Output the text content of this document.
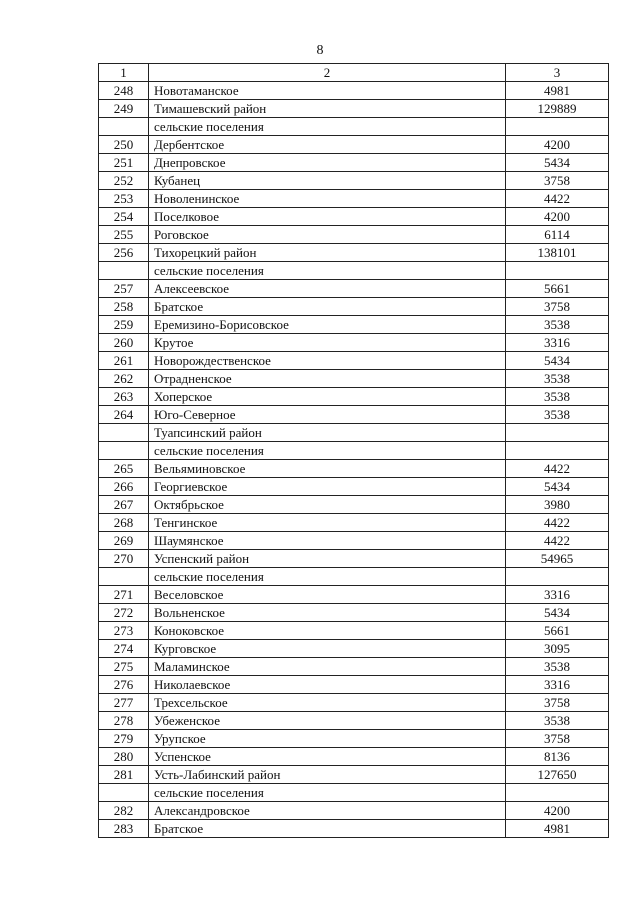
8
1	2	3
248	Новотаманское	4981
249	Тимашевский район	129889
	сельские поселения	
250	Дербентское	4200
251	Днепровское	5434
252	Кубанец	3758
253	Новоленинское	4422
254	Поселковое	4200
255	Роговское	6114
256	Тихорецкий район	138101
	сельские поселения	
257	Алексеевское	5661
258	Братское	3758
259	Еремизино-Борисовское	3538
260	Крутое	3316
261	Новорождественское	5434
262	Отрадненское	3538
263	Хоперское	3538
264	Юго-Северное	3538
	Туапсинский район	
	сельские поселения	
265	Вельяминовское	4422
266	Георгиевское	5434
267	Октябрьское	3980
268	Тенгинское	4422
269	Шаумянское	4422
270	Успенский район	54965
	сельские поселения	
271	Веселовское	3316
272	Вольненское	5434
273	Коноковское	5661
274	Курговское	3095
275	Маламинское	3538
276	Николаевское	3316
277	Трехсельское	3758
278	Убеженское	3538
279	Урупское	3758
280	Успенское	8136
281	Усть-Лабинский район	127650
	сельские поселения	
282	Александровское	4200
283	Братское	4981
